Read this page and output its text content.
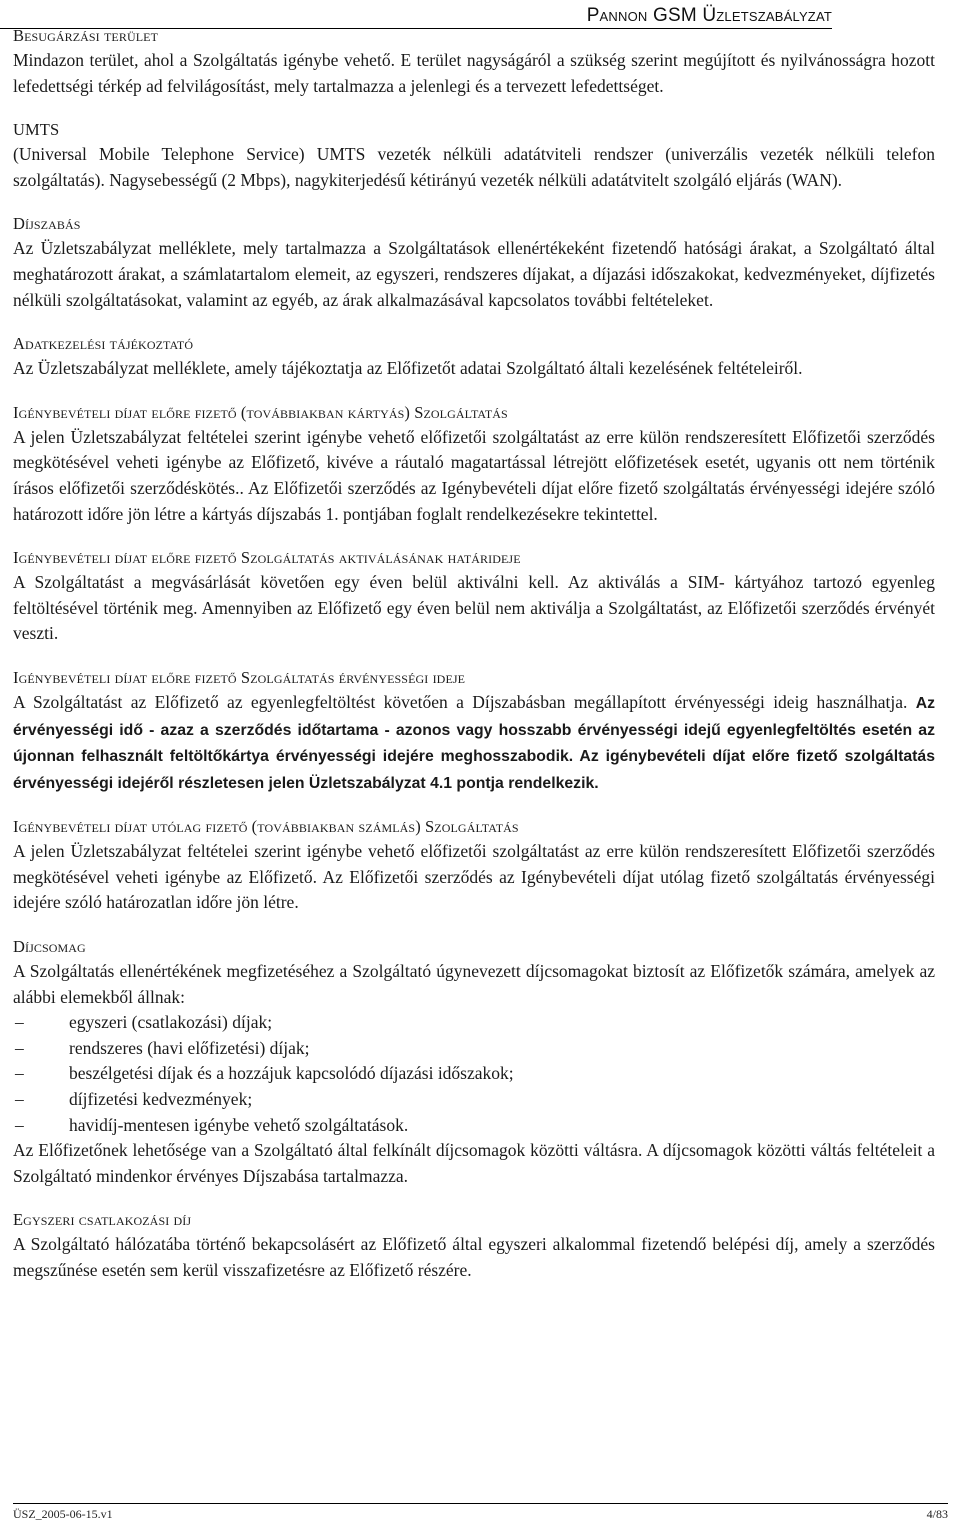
Pannon GSM Üzletszabályzat
Besugárzási terület

Mindazon terület, ahol a Szolgáltatás igénybe vehető. E terület nagyságáról a szükség szerint megújított és nyilvánosságra hozott lefedettségi térkép ad felvilágosítást, mely tartalmazza a jelenlegi és a tervezett lefedettséget.

UMTS

(Universal Mobile Telephone Service) UMTS vezeték nélküli adatátviteli rendszer (univerzális vezeték nélküli telefon szolgáltatás). Nagysebességű (2 Mbps), nagykiterjedésű kétirányú vezeték nélküli adatátvitelt szolgáló eljárás (WAN).

Díjszabás

Az Üzletszabályzat melléklete, mely tartalmazza a Szolgáltatások ellenértékeként fizetendő hatósági árakat, a Szolgáltató által meghatározott árakat, a számlatartalom elemeit, az egyszeri, rendszeres díjakat, a díjazási időszakokat, kedvezményeket, díjfizetés nélküli szolgáltatásokat, valamint az egyéb, az árak alkalmazásával kapcsolatos további feltételeket.

Adatkezelési tájékoztató

Az Üzletszabályzat melléklete, amely tájékoztatja az Előfizetőt adatai Szolgáltató általi kezelésének feltételeiről.

Igénybevételi díjat előre fizető (továbbiakban kártyás) Szolgáltatás

A jelen Üzletszabályzat feltételei szerint igénybe vehető előfizetői szolgáltatást az erre külön rendszeresített Előfizetői szerződés megkötésével veheti igénybe az Előfizető, kivéve a ráutaló magatartással létrejött előfizetések esetét, ugyanis ott nem történik írásos előfizetői szerződéskötés.. Az Előfizetői szerződés az Igénybevételi díjat előre fizető szolgáltatás érvényességi idejére szóló határozott időre jön létre a kártyás díjszabás 1. pontjában foglalt rendelkezésekre tekintettel.

Igénybevételi díjat előre fizető Szolgáltatás aktiválásának határideje

A Szolgáltatást a megvásárlását követően egy éven belül aktiválni kell. Az aktiválás a SIM- kártyához tartozó egyenleg feltöltésével történik meg. Amennyiben az Előfizető egy éven belül nem aktiválja a Szolgáltatást, az Előfizetői szerződés érvényét veszti.

Igénybevételi díjat előre fizető Szolgáltatás érvényességi ideje

A Szolgáltatást az Előfizető az egyenlegfeltöltést követően a Díjszabásban megállapított érvényességi ideig használhatja. Az érvényességi idő - azaz a szerződés időtartama - azonos vagy hosszabb érvényességi idejű egyenlegfeltöltés esetén az újonnan felhasznált feltöltőkártya érvényességi idejére meghosszabodik. Az igénybevételi díjat előre fizető szolgáltatás érvényességi idejéről részletesen jelen Üzletszabályzat 4.1 pontja rendelkezik.

Igénybevételi díjat utólag fizető (továbbiakban számlás) Szolgáltatás

A jelen Üzletszabályzat feltételei szerint igénybe vehető előfizetői szolgáltatást az erre külön rendszeresített Előfizetői szerződés megkötésével veheti igénybe az Előfizető. Az Előfizetői szerződés az Igénybevételi díjat utólag fizető szolgáltatás érvényességi idejére szóló határozatlan időre jön létre.

Díjcsomag

A Szolgáltatás ellenértékének megfizetéséhez a Szolgáltató úgynevezett díjcsomagokat biztosít az Előfizetők számára, amelyek az alábbi elemekből állnak:

–	egyszeri (csatlakozási) díjak;
–	rendszeres (havi előfizetési) díjak;
–	beszélgetési díjak és a hozzájuk kapcsolódó díjazási időszakok;
–	díjfizetési kedvezmények;
–	havidíj-mentesen igénybe vehető szolgáltatások.

Az Előfizetőnek lehetősége van a Szolgáltató által felkínált díjcsomagok közötti váltásra. A díjcsomagok közötti váltás feltételeit a Szolgáltató mindenkor érvényes Díjszabása tartalmazza.

Egyszeri csatlakozási díj

A Szolgáltató hálózatába történő bekapcsolásért az Előfizető által egyszeri alkalommal fizetendő belépési díj, amely a szerződés megszűnése esetén sem kerül visszafizetésre az Előfizető részére.

ÜSZ_2005-06-15.v1	4/83
